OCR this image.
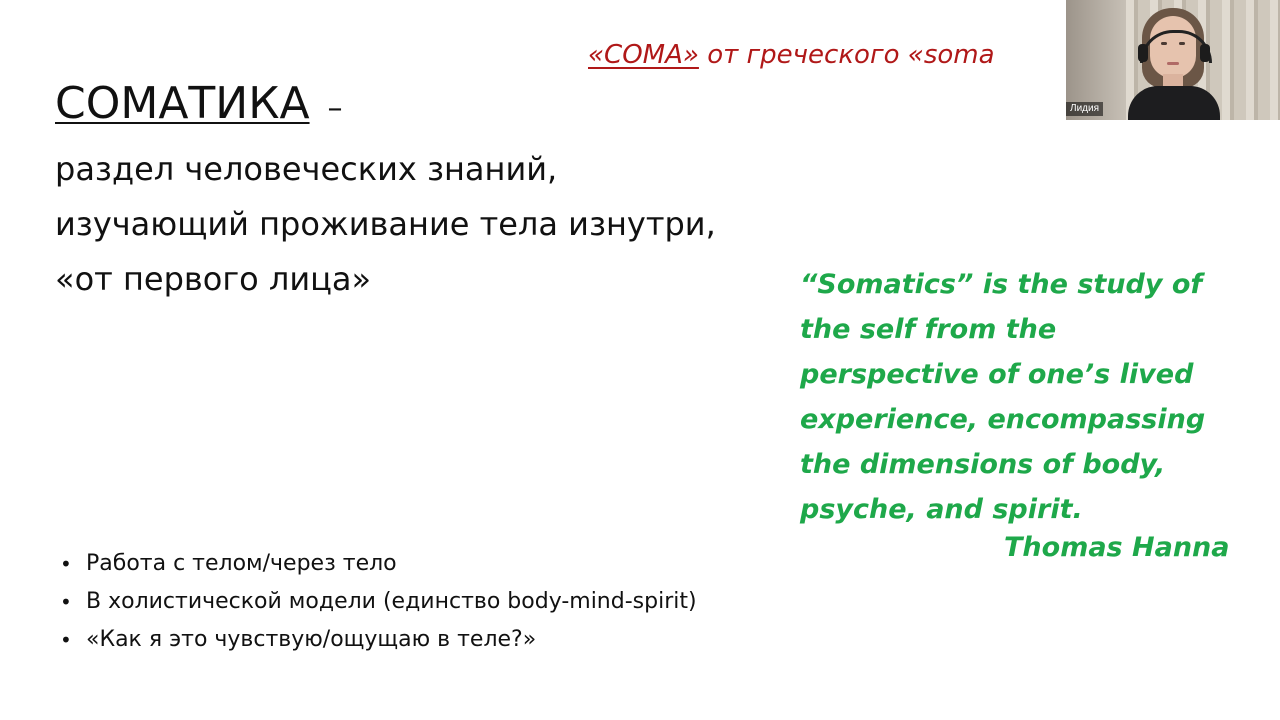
«СОМА» от греческого «soma
СОМАТИКА –
раздел человеческих знаний,
изучающий проживание тела изнутри,
«от первого лица»	“Somatics” is the study of
the self from the
perspective of one’s lived
experience, encompassing
the dimensions of body,
psyche, and spirit.
Thomas Hanna
• Работа с телом/через тело
• В холистической модели (единство body-mind-spirit)
• «Как я это чувствую/ощущаю в теле?»
Лидия
